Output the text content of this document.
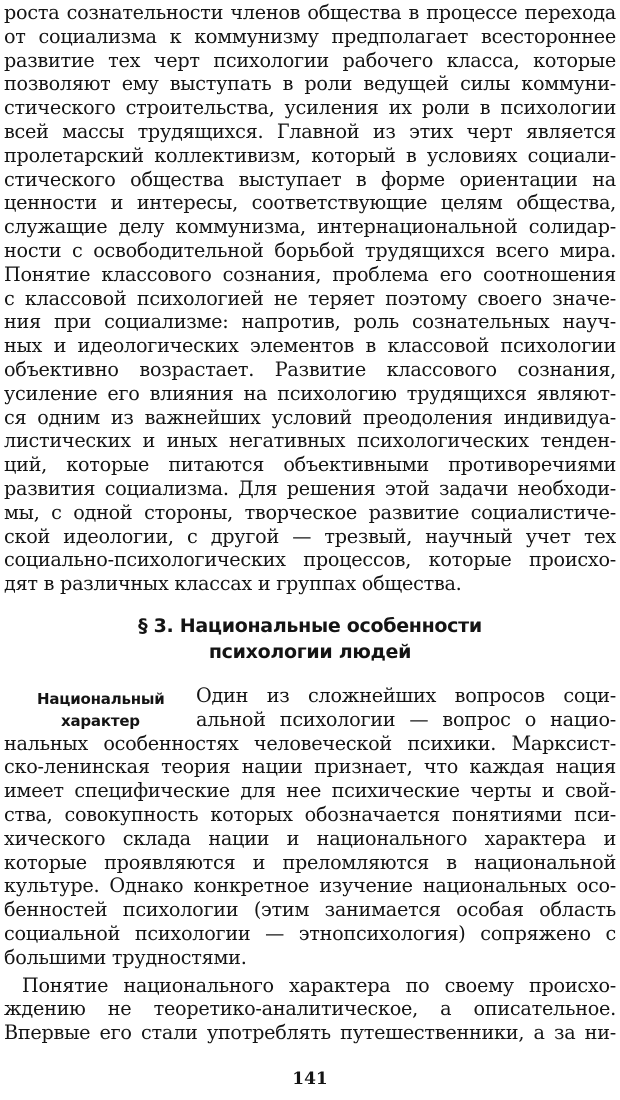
роста сознательности членов общества в процессе перехода
от социализма к коммунизму предполагает всестороннее
развитие тех черт психологии рабочего класса, которые
позволяют ему выступать в роли ведущей силы коммуни-
стического строительства, усиления их роли в психологии
всей массы трудящихся. Главной из этих черт является
пролетарский коллективизм, который в условиях социали-
стического общества выступает в форме ориентации на
ценности и интересы, соответствующие целям общества,
служащие делу коммунизма, интернациональной солидар-
ности с освободительной борьбой трудящихся всего мира.
Понятие классового сознания, проблема его соотношения
с классовой психологией не теряет поэтому своего значе-
ния при социализме: напротив, роль сознательных науч-
ных и идеологических элементов в классовой психологии
объективно возрастает. Развитие классового сознания,
усиление его влияния на психологию трудящихся являют-
ся одним из важнейших условий преодоления индивидуа-
листических и иных негативных психологических тенден-
ций, которые питаются объективными противоречиями
развития социализма. Для решения этой задачи необходи-
мы, с одной стороны, творческое развитие социалистиче-
ской идеологии, с другой — трезвый, научный учет тех
социально-психологических процессов, которые происхо-
дят в различных классах и группах общества.
§ 3. Национальные особенности
психологии людей
Национальный
характер
Один из сложнейших вопросов соци-
альной психологии — вопрос о нацио-
нальных особенностях человеческой психики. Марксист-
ско-ленинская теория нации признает, что каждая нация
имеет специфические для нее психические черты и свой-
ства, совокупность которых обозначается понятиями пси-
хического склада нации и национального характера и
которые проявляются и преломляются в национальной
культуре. Однако конкретное изучение национальных осо-
бенностей психологии (этим занимается особая область
социальной психологии — этнопсихология) сопряжено с
большими трудностями.
Понятие национального характера по своему происхо-
ждению не теоретико-аналитическое, а описательное.
Впервые его стали употреблять путешественники, а за ни-
141
